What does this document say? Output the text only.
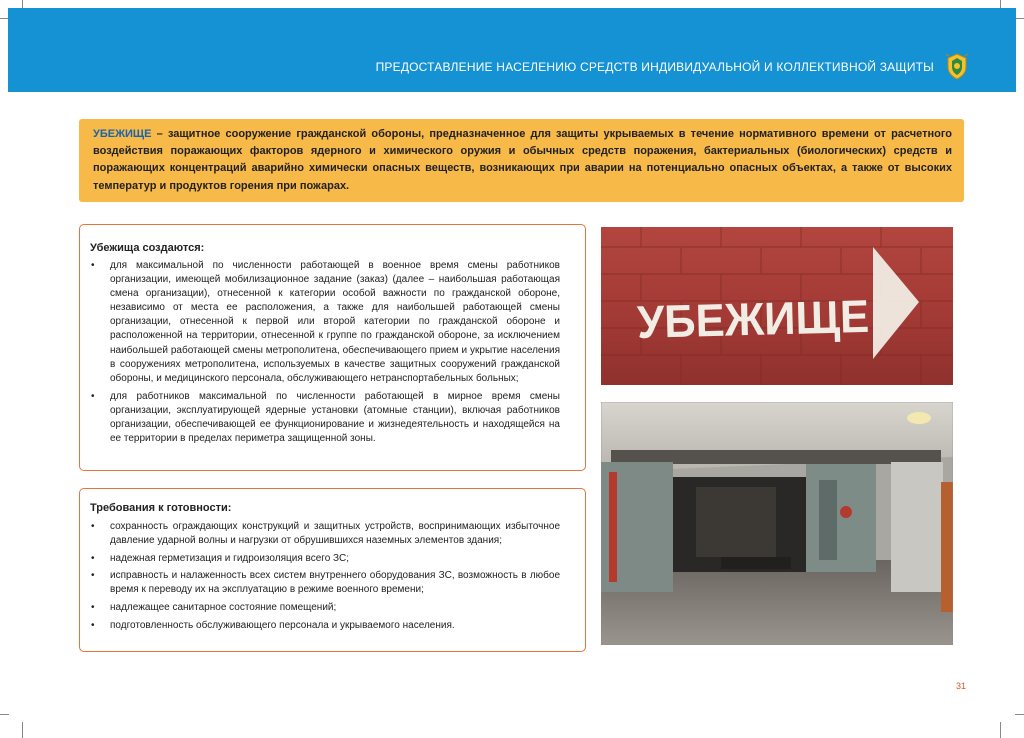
ПРЕДОСТАВЛЕНИЕ НАСЕЛЕНИЮ СРЕДСТВ ИНДИВИДУАЛЬНОЙ И КОЛЛЕКТИВНОЙ ЗАЩИТЫ

УБЕЖИЩЕ – защитное сооружение гражданской обороны, предназначенное для защиты укрываемых в течение нормативного времени от расчетного воздействия поражающих факторов ядерного и химического оружия и обычных средств поражения, бактериальных (биологических) средств и поражающих концентраций аварийно химически опасных веществ, возникающих при аварии на потенциально опасных объектах, а также от высоких температур и продуктов горения при пожарах.

Убежища создаются:

• для максимальной по численности работающей в военное время смены работников организации, имеющей мобилизационное задание (заказ) (далее – наибольшая работающая смена организации), отнесенной к категории особой важности по гражданской обороне, независимо от места ее расположения, а также для наибольшей работающей смены организации, отнесенной к первой или второй категории по гражданской обороне и расположенной на территории, отнесенной к группе по гражданской обороне, за исключением наибольшей работающей смены метрополитена, обеспечивающего прием и укрытие населения в сооружениях метрополитена, используемых в качестве защитных сооружений гражданской обороны, и медицинского персонала, обслуживающего нетранспортабельных больных;
• для работников максимальной по численности работающей в мирное время смены организации, эксплуатирующей ядерные установки (атомные станции), включая работников организации, обеспечивающей ее функционирование и жизнедеятельность и находящейся на ее территории в пределах периметра защищенной зоны.

Требования к готовности:

• сохранность ограждающих конструкций и защитных устройств, воспринимающих избыточное давление ударной волны и нагрузки от обрушившихся наземных элементов здания;
• надежная герметизация и гидроизоляция всего ЗС;
• исправность и налаженность всех систем внутреннего оборудования ЗС, возможность в любое время к переводу их на эксплуатацию в режиме военного времени;
• надлежащее санитарное состояние помещений;
• подготовленность обслуживающего персонала и укрываемого населения.
УБЕЖИЩЕ
31
